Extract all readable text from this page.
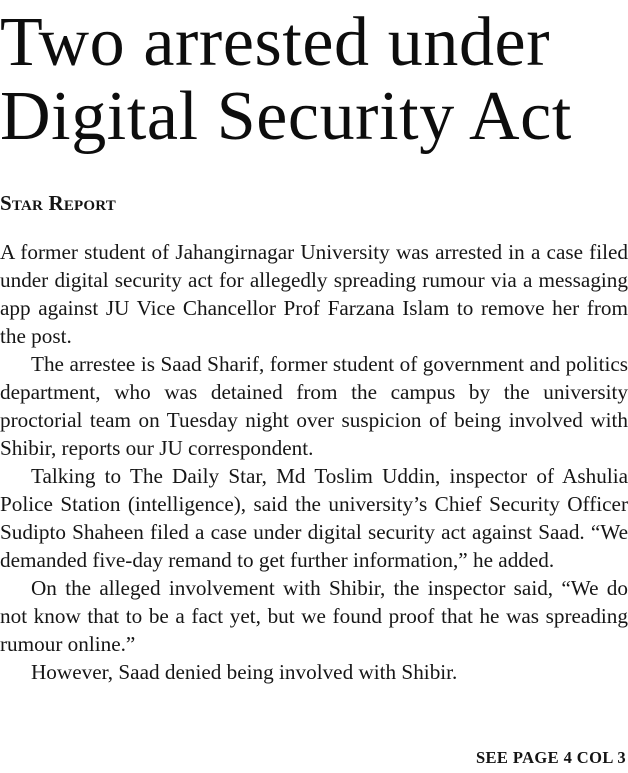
Two arrested under
Digital Security Act
Star Report

A former student of Jahangirnagar University was arrested in a case filed under digital security act for allegedly spreading rumour via a messaging app against JU Vice Chancellor Prof Farzana Islam to remove her from the post.

The arrestee is Saad Sharif, former student of government and politics department, who was detained from the campus by the university proctorial team on Tuesday night over suspicion of being involved with Shibir, reports our JU correspondent.

Talking to The Daily Star, Md Toslim Uddin, inspector of Ashulia Police Station (intelligence), said the university’s Chief Security Officer Sudipto Shaheen filed a case under digital security act against Saad. “We demanded five-day remand to get further information,” he added.

On the alleged involvement with Shibir, the inspector said, “We do not know that to be a fact yet, but we found proof that he was spreading rumour online.”

However, Saad denied being involved with Shibir.

SEE PAGE 4 COL 3
